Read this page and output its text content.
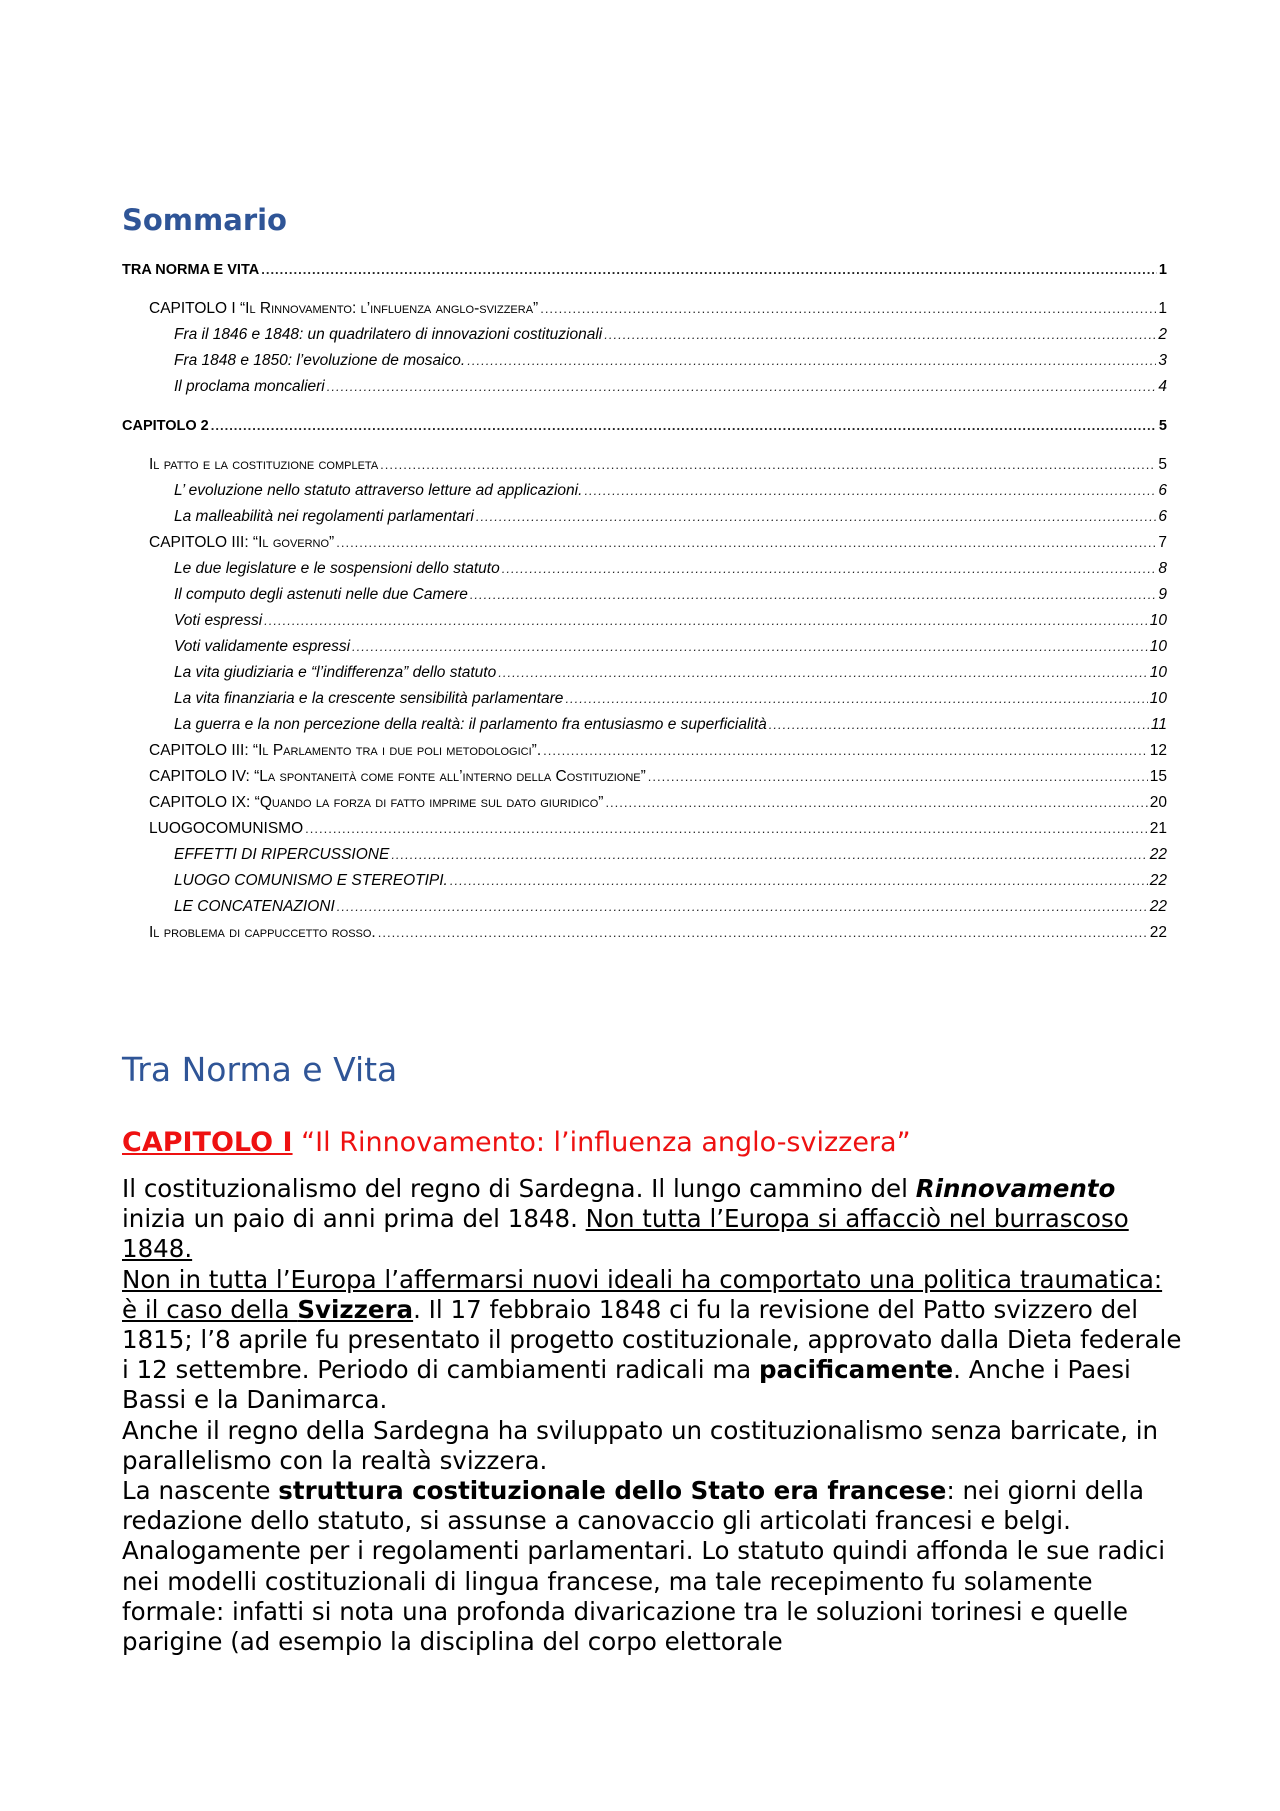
Sommario
TRA NORMA E VITA .....	1
CAPITOLO I “Il Rinnovamento: l’influenza anglo-svizzera” .....	1
Fra il 1846 e 1848: un quadrilatero di innovazioni costituzionali .....	2
Fra 1848 e 1850: l’evoluzione de mosaico. .....	3
Il proclama moncalieri .....	4
CAPITOLO 2 .....	5
Il patto e la costituzione completa .....	5
L’ evoluzione nello statuto attraverso letture ad applicazioni. .....	6
La malleabilità nei regolamenti parlamentari .....	6
CAPITOLO III: “Il governo” .....	7
Le due legislature e le sospensioni dello statuto .....	8
Il computo degli astenuti nelle due Camere .....	9
Voti espressi .....	10
Voti validamente espressi .....	10
La vita giudiziaria e “l’indifferenza” dello statuto .....	10
La vita finanziaria e la crescente sensibilità parlamentare .....	10
La guerra e la non percezione della realtà: il parlamento fra entusiasmo e superficialità .....	11
CAPITOLO III: “Il Parlamento tra i due poli metodologici”. .....	12
CAPITOLO IV: “La spontaneità come fonte all’interno della Costituzione” .....	15
CAPITOLO IX: “Quando la forza di fatto imprime sul dato giuridico” .....	20
LUOGOCOMUNISMO .....	21
EFFETTI DI RIPERCUSSIONE .....	22
LUOGO COMUNISMO E STEREOTIPI. .....	22
LE CONCATENAZIONI .....	22
Il problema di cappuccetto rosso. .....	22
Tra Norma e Vita
CAPITOLO I “Il Rinnovamento: l’influenza anglo-svizzera”

Il costituzionalismo del regno di Sardegna. Il lungo cammino del Rinnovamento inizia un paio di anni prima del 1848. Non tutta l’Europa si affacciò nel burrascoso 1848.

Non in tutta l’Europa l’affermarsi nuovi ideali ha comportato una politica traumatica: è il caso della Svizzera. Il 17 febbraio 1848 ci fu la revisione del Patto svizzero del 1815; l’8 aprile fu presentato il progetto costituzionale, approvato dalla Dieta federale i 12 settembre. Periodo di cambiamenti radicali ma pacificamente. Anche i Paesi Bassi e la Danimarca.

Anche il regno della Sardegna ha sviluppato un costituzionalismo senza barricate, in parallelismo con la realtà svizzera.

La nascente struttura costituzionale dello Stato era francese: nei giorni della redazione dello statuto, si assunse a canovaccio gli articolati francesi e belgi. Analogamente per i regolamenti parlamentari. Lo statuto quindi affonda le sue radici nei modelli costituzionali di lingua francese, ma tale recepimento fu solamente formale: infatti si nota una profonda divaricazione tra le soluzioni torinesi e quelle parigine (ad esempio la disciplina del corpo elettorale
